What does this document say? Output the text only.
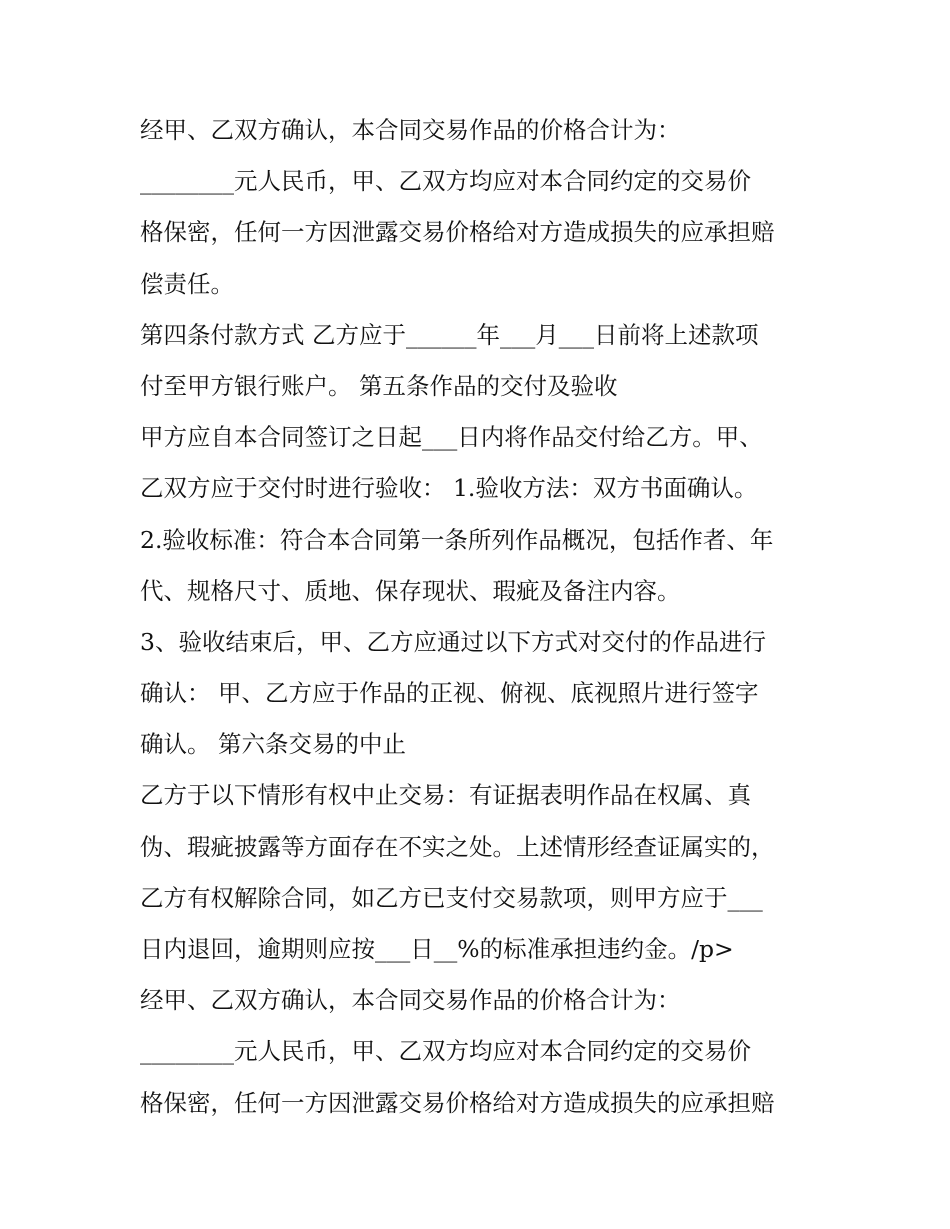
经甲、乙双方确认，本合同交易作品的价格合计为：
________元人民币，甲、乙双方均应对本合同约定的交易价
格保密，任何一方因泄露交易价格给对方造成损失的应承担赔
偿责任。
第四条付款方式 乙方应于______年___月___日前将上述款项
付至甲方银行账户。 第五条作品的交付及验收
甲方应自本合同签订之日起___日内将作品交付给乙方。甲、
乙双方应于交付时进行验收： 1.验收方法：双方书面确认。
2.验收标准：符合本合同第一条所列作品概况，包括作者、年
代、规格尺寸、质地、保存现状、瑕疵及备注内容。
3、验收结束后，甲、乙方应通过以下方式对交付的作品进行
确认： 甲、乙方应于作品的正视、俯视、底视照片进行签字
确认。 第六条交易的中止
乙方于以下情形有权中止交易：有证据表明作品在权属、真
伪、瑕疵披露等方面存在不实之处。上述情形经查证属实的，
乙方有权解除合同，如乙方已支付交易款项，则甲方应于___
日内退回，逾期则应按___日__%的标准承担违约金。/p>
经甲、乙双方确认，本合同交易作品的价格合计为：
________元人民币，甲、乙双方均应对本合同约定的交易价
格保密，任何一方因泄露交易价格给对方造成损失的应承担赔
